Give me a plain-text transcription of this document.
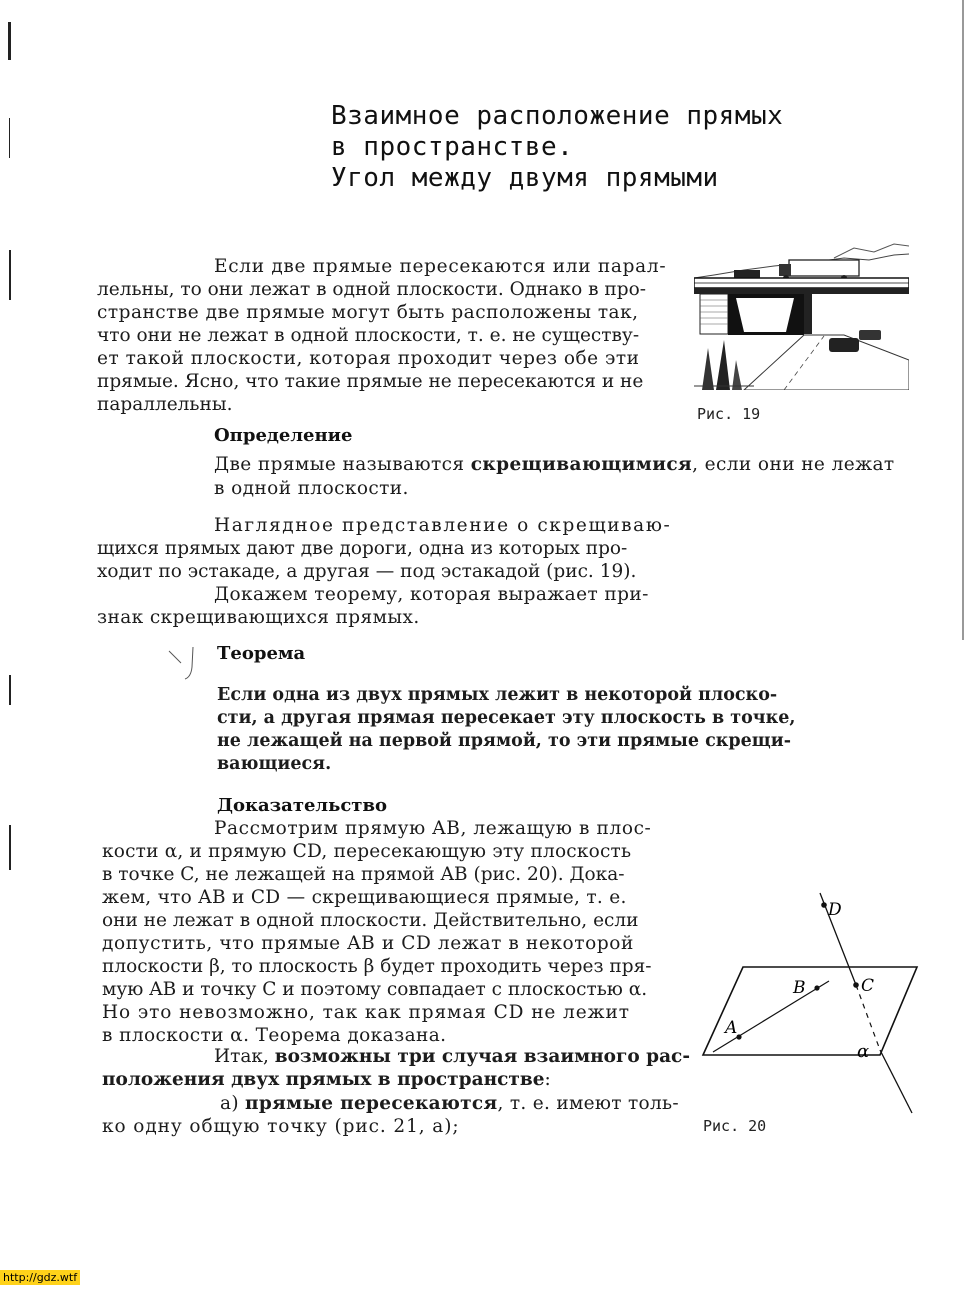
Взаимное расположение прямых
в пространстве.
Угол между двумя прямыми
Если две прямые пересекаются или парал-
лельны, то они лежат в одной плоскости. Однако в про-
странстве две прямые могут быть расположены так,
что они не лежат в одной плоскости, т. е. не существу-
ет такой плоскости, которая проходит через обе эти
прямые. Ясно, что такие прямые не пересекаются и не
параллельны.	Рис. 19
Определение
Две прямые называются скрещивающимися, если они не лежат
в одной плоскости.
Наглядное представление о скрещиваю-
щихся прямых дают две дороги, одна из которых про-
ходит по эстакаде, а другая — под эстакадой (рис. 19).
Докажем теорему, которая выражает при-
знак скрещивающихся прямых.
Теорема
Если одна из двух прямых лежит в некоторой плоско-
сти, а другая прямая пересекает эту плоскость в точке,
не лежащей на первой прямой, то эти прямые скрещи-
вающиеся.
Доказательство
Рассмотрим прямую AB, лежащую в плос-
кости α, и прямую CD, пересекающую эту плоскость
в точке C, не лежащей на прямой AB (рис. 20). Дока-
жем, что AB и CD — скрещивающиеся прямые, т. е.
они не лежат в одной плоскости. Действительно, если
допустить, что прямые AB и CD лежат в некоторой
плоскости β, то плоскость β будет проходить через пря-
мую AB и точку C и поэтому совпадает с плоскостью α.
Но это невозможно, так как прямая CD не лежит
в плоскости α. Теорема доказана.
D
C
B
A
α
Рис. 20
Итак, возможны три случая взаимного рас-
положения двух прямых в пространстве:
а) прямые пересекаются, т. е. имеют толь-
ко одну общую точку (рис. 21, а);
http://gdz.wtf
